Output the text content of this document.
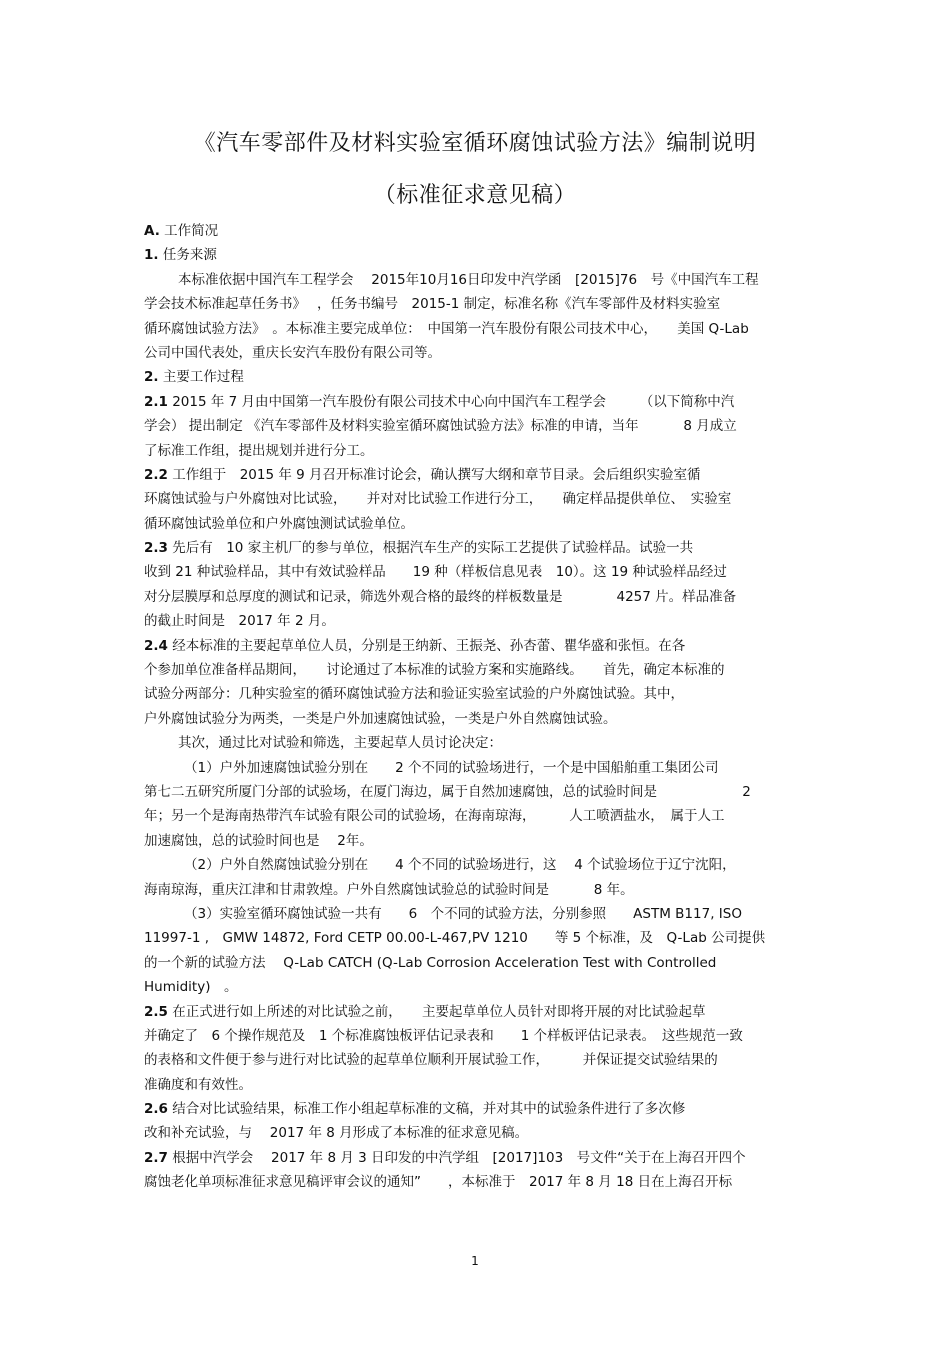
《汽车零部件及材料实验室循环腐蚀试验方法》编制说明
（标准征求意见稿）
A. 工作简况
1. 任务来源
本标准依据中国汽车工程学会　 2015年10月16日印发中汽学函　[2015]76　号《中国汽车工程
学会技术标准起草任务书》　 ，任务书编号　2015-1 制定，标准名称《汽车零部件及材料实验室
循环腐蚀试验方法》　。本标准主要完成单位：　中国第一汽车股份有限公司技术中心，　　美国 Q-Lab
公司中国代表处，重庆长安汽车股份有限公司等。
2. 主要工作过程
2.1 2015 年 7 月由中国第一汽车股份有限公司技术中心向中国汽车工程学会　　　（以下简称中汽
学会） 提出制定 《汽车零部件及材料实验室循环腐蚀试验方法》标准的申请，当年　　　 8 月成立
了标准工作组，提出规划并进行分工。
2.2 工作组于　2015 年 9 月召开标准讨论会，确认撰写大纲和章节目录。会后组织实验室循
环腐蚀试验与户外腐蚀对比试验，　　并对对比试验工作进行分工，　　确定样品提供单位、　实验室
循环腐蚀试验单位和户外腐蚀测试试验单位。
2.3 先后有　10 家主机厂的参与单位，根据汽车生产的实际工艺提供了试验样品。试验一共
收到 21 种试验样品，其中有效试验样品　　19 种（样板信息见表　10）。这 19 种试验样品经过
对分层膜厚和总厚度的测试和记录，筛选外观合格的最终的样板数量是　　　　4257 片。样品准备
的截止时间是　2017 年 2 月。
2.4 经本标准的主要起草单位人员，分别是王纳新、王振尧、孙杏蕾、瞿华盛和张恒。在各
个参加单位准备样品期间，　　讨论通过了本标准的试验方案和实施路线。　　首先，确定本标准的
试验分两部分：几种实验室的循环腐蚀试验方法和验证实验室试验的户外腐蚀试验。其中，
户外腐蚀试验分为两类，一类是户外加速腐蚀试验，一类是户外自然腐蚀试验。
其次，通过比对试验和筛选，主要起草人员讨论决定：
（1）户外加速腐蚀试验分别在　　2 个不同的试验场进行，一个是中国船舶重工集团公司
第七二五研究所厦门分部的试验场，在厦门海边，属于自然加速腐蚀，总的试验时间是　　　　　　 2
年；另一个是海南热带汽车试验有限公司的试验场，在海南琼海，　　　人工喷洒盐水，　属于人工
加速腐蚀，总的试验时间也是　 2年。
（2）户外自然腐蚀试验分别在　　4 个不同的试验场进行，这　 4 个试验场位于辽宁沈阳，
海南琼海，重庆江津和甘肃敦煌。户外自然腐蚀试验总的试验时间是　　　 8 年。
（3）实验室循环腐蚀试验一共有　　6　个不同的试验方法，分别参照　　ASTM B117, ISO
11997-1 ,　GMW 14872, Ford CETP 00.00-L-467,PV 1210　　等 5 个标准，及　Q-Lab 公司提供
的一个新的试验方法　 Q-Lab CATCH (Q-Lab Corrosion Acceleration Test with Controlled
Humidity)　。
2.5 在正式进行如上所述的对比试验之前，　　主要起草单位人员针对即将开展的对比试验起草
并确定了　6 个操作规范及　1 个标准腐蚀板评估记录表和　　1 个样板评估记录表。　这些规范一致
的表格和文件便于参与进行对比试验的起草单位顺利开展试验工作，　　　并保证提交试验结果的
准确度和有效性。
2.6 结合对比试验结果，标准工作小组起草标准的文稿，并对其中的试验条件进行了多次修
改和补充试验，与　 2017 年 8 月形成了本标准的征求意见稿。
2.7 根据中汽学会　 2017 年 8 月 3 日印发的中汽学组　[2017]103　号文件“关于在上海召开四个
腐蚀老化单项标准征求意见稿评审会议的通知”　　，本标准于　2017 年 8 月 18 日在上海召开标
1
